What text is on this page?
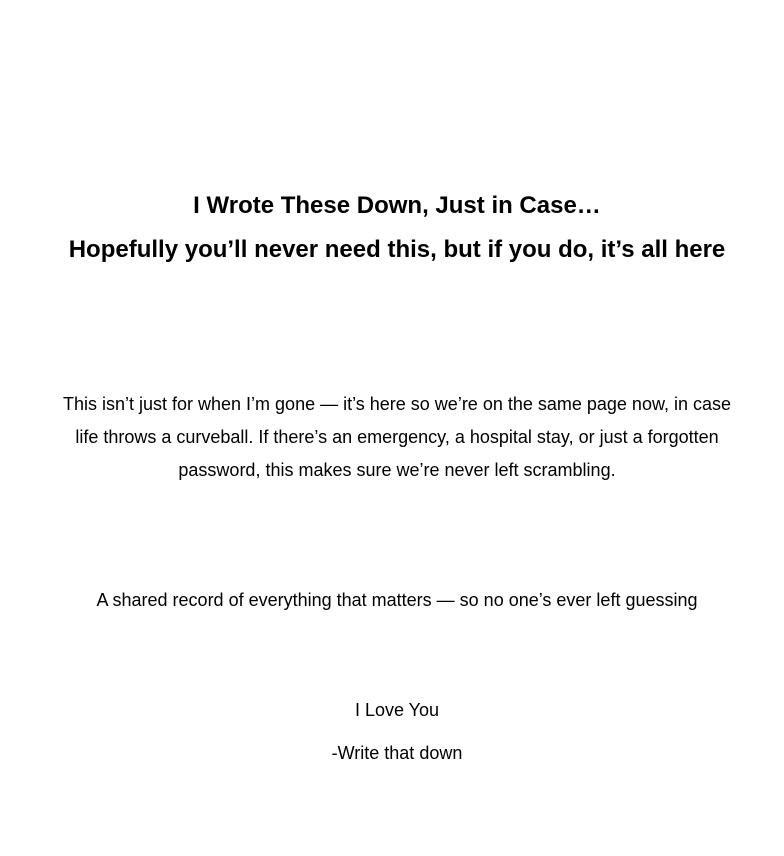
I Wrote These Down, Just in Case…
Hopefully you’ll never need this, but if you do, it’s all here

This isn’t just for when I’m gone — it’s here so we’re on the same page now, in case life throws a curveball. If there’s an emergency, a hospital stay, or just a forgotten password, this makes sure we’re never left scrambling.

A shared record of everything that matters — so no one’s ever left guessing

I Love You

-Write that down
